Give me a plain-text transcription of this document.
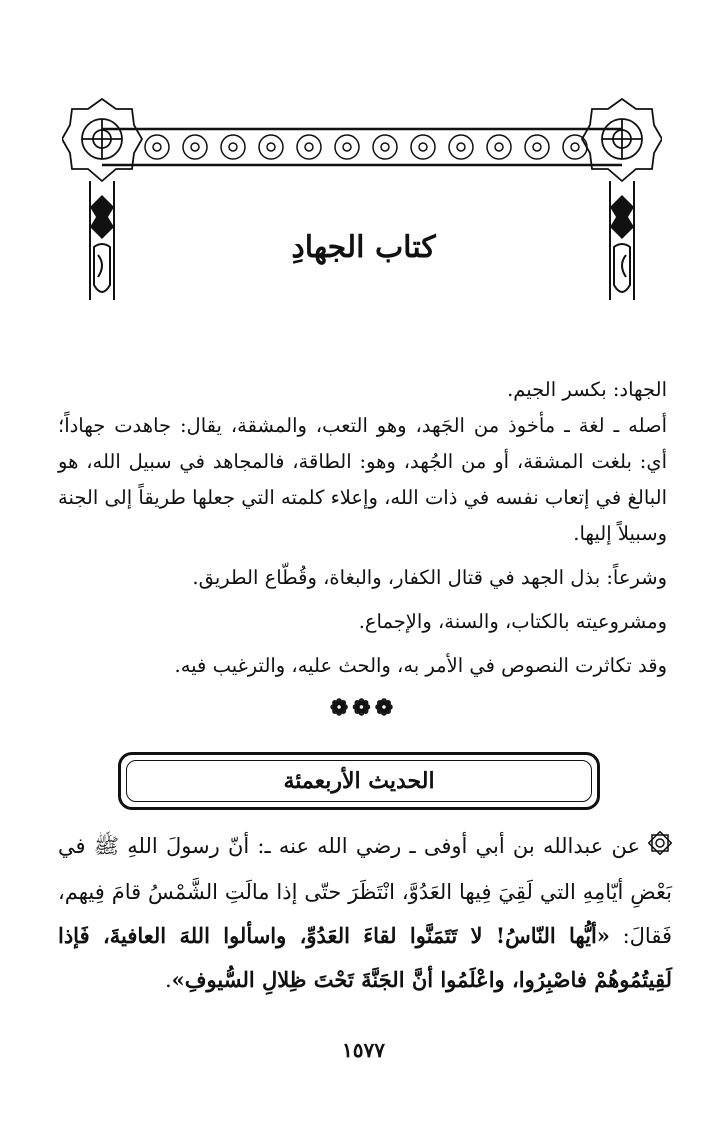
كتاب الجهادِ

الجهاد: بكسر الجيم.

أصله ـ لغة ـ مأخوذ من الجَهد، وهو التعب، والمشقة، يقال: جاهدت جهاداً؛ أي: بلغت المشقة، أو من الجُهد، وهو: الطاقة، فالمجاهد في سبيل الله، هو البالغ في إتعاب نفسه في ذات الله، وإعلاء كلمته التي جعلها طريقاً إلى الجنة وسبيلاً إليها.

وشرعاً: بذل الجهد في قتال الكفار، والبغاة، وقُطّاع الطريق.

ومشروعيته بالكتاب، والسنة، والإجماع.

وقد تكاثرت النصوص في الأمر به، والحث عليه، والترغيب فيه.

❁❁❁
الحديث الأربعمئة

عن عبدالله بن أبي أوفى ـ رضي الله عنه ـ: أنّ رسولَ اللهِ ﷺ في بَعْضِ أيّامِهِ التي لَقِيَ فِيها العَدُوَّ، انْتَظَرَ حتّى إذا مالَتِ الشَّمْسُ قامَ فِيهم، فَقالَ: «أيُّها النّاسُ! لا تَتَمَنَّوا لقاءَ العَدُوِّ، واسألوا اللهَ العافيةَ، فَإذا لَقِيتُمُوهُمْ فاصْبِرُوا، واعْلَمُوا أنَّ الجَنَّةَ تَحْتَ ظِلالِ السُّيوفِ».

١٥٧٧
